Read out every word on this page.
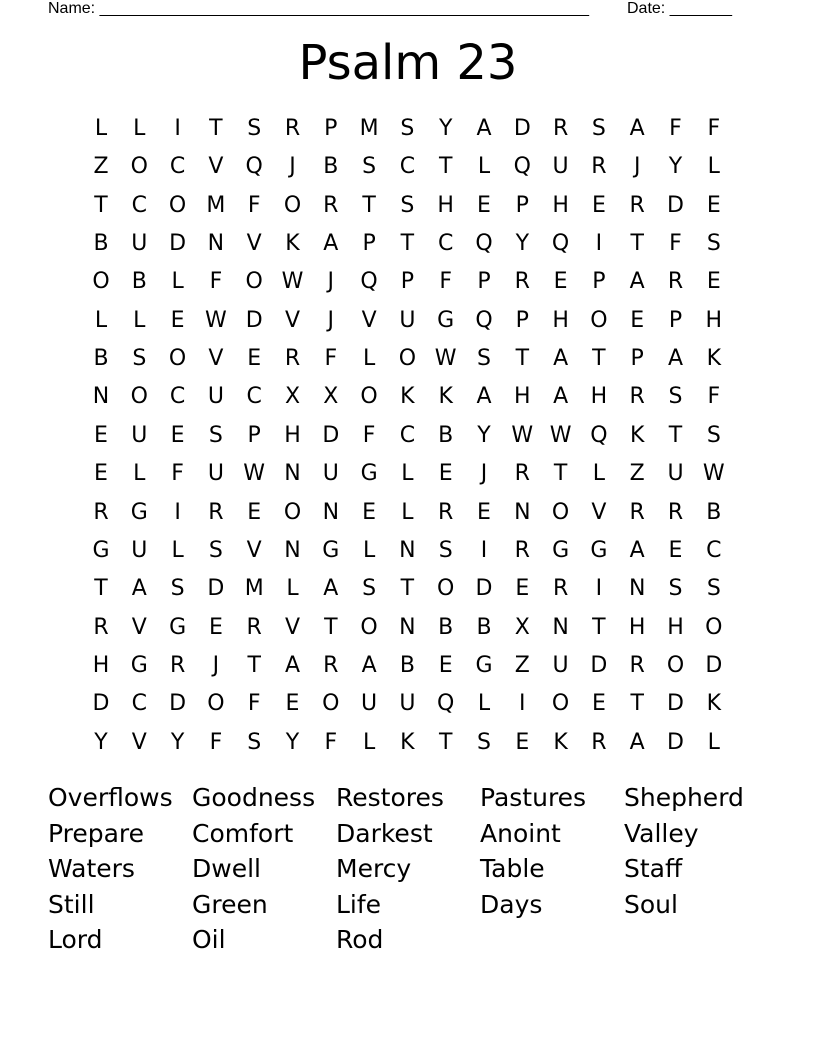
Name: _______________________________________________________ Date: _______
Psalm 23
L	L	I	T	S	R	P	M S	Y	A	D	R	S	A	F	F
Z	O C	V	Q	J	B	S	C	T	L	Q U	R	J	Y	L
T	C O M	F	O R	T	S	H	E	P	H	E	R	D	E
B	U D N	V	K	A	P	T	C Q	Y	Q	I	T	F	S
O	B	L	F	O W	J	Q	P	F	P	R	E	P	A	R	E
L	L	E W D	V	J	V	U G Q	P	H O	E	P	H
B	S	O	V	E	R	F	L	O W S	T	A	T	P	A	K
N O C	U	C	X	X	O	K	K	A	H	A	H	R	S	F
E	U	E	S	P	H D	F	C	B	Y W W Q	K	T	S
E	L	F	U W N	U G	L	E	J	R	T	L	Z	U W
R	G	I	R	E	O N	E	L	R	E	N O	V	R	R	B
G U	L	S	V	N G	L	N	S	I	R	G G	A	E	C
T	A	S	D M	L	A	S	T	O D	E	R	I	N	S	S
R	V	G	E	R	V	T	O N	B	B	X	N	T	H H O
H G	R	J	T	A	R	A	B	E	G	Z	U D	R	O D
D	C	D O	F	E	O U	U Q	L	I	O	E	T	D	K
Y	V	Y	F	S	Y	F	L	K	T	S	E	K	R	A	D	L
Overflows Goodness Restores	Pastures	Shepherd
Prepare	Comfort	Darkest	Anoint	Valley
Waters	Dwell	Mercy	Table	Staff
Still	Green	Life	Days	Soul
Lord	Oil	Rod
